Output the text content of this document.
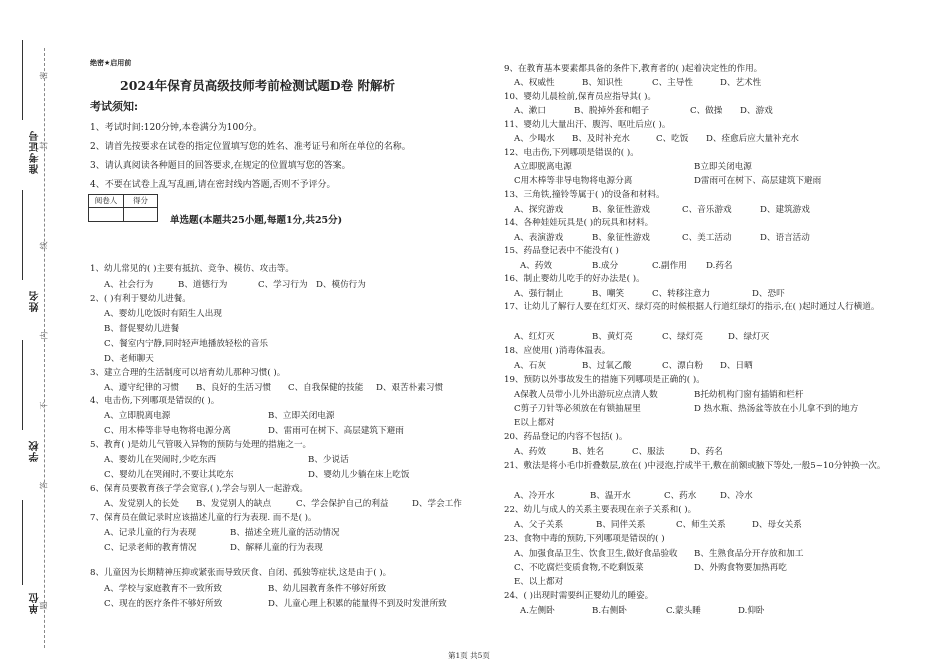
准考证号
姓名
学校
单位
密
封
线
内
不
答
题
绝密★启用前
2024年保育员高级技师考前检测试题D卷 附解析
考试须知:
1、考试时间:120分钟,本卷满分为100分。
2、请首先按要求在试卷的指定位置填写您的姓名、准考证号和所在单位的名称。
3、请认真阅读各种题目的回答要求,在规定的位置填写您的答案。
4、不要在试卷上乱写乱画,请在密封线内答题,否则不予评分。
阅卷人	得分
单选题(本题共25小题,每题1分,共25分)
1、幼儿常见的( )主要有抵抗、竞争、模仿、攻击等。
A、社会行为	B、道德行为	C、学习行为 D、模仿行为
2、( )有利于婴幼儿进餐。
A、婴幼儿吃饭时有陌生人出现
B、督促婴幼儿进餐
C、餐室内宁静,同时轻声地播放轻松的音乐
D、老师聊天
3、建立合理的生活制度可以培育幼儿那种习惯( )。
A、遵守纪律的习惯 B、良好的生活习惯 C、自我保健的技能 D、艰苦朴素习惯
4、电击伤,下列哪项是错误的( )。
A、立即脱离电源	B、立即关闭电源
C、用木棒等非导电物将电源分离	D、雷雨可在树下、高层建筑下避雨
5、教育( )是幼儿气管吸入异物的预防与处理的措施之一。
A、婴幼儿在哭闹时,少吃东西	B、少说话
C、婴幼儿在哭闹时,不要让其吃东	D、婴幼儿少躺在床上吃饭
6、保育员要教育孩子学会宽容,( ),学会与别人一起游戏。
A、发觉别人的长处 B、发觉别人的缺点	C、学会保护自己的利益	D、学会工作
7、保育员在做记录时应该描述儿童的行为表现. 而不是( )。
A、记录儿童的行为表现	B、描述全班儿童的活动情况
C、记录老师的教育情况	D、解释儿童的行为表现
8、儿童因为长期精神压抑或紧张而导致厌食、自闭、孤独等症状,这是由于( )。
A、学校与家庭教育不一致所致	B、幼儿园教育条件不够好所致
C、现在的医疗条件不够好所致	D、儿童心理上积累的能量得不到及时发泄所致
9、在教育基本要素都具备的条件下,教育者的( )起着决定性的作用。
A、权威性	B、知识性	C、主导性	D、艺术性
10、婴幼儿晨检前,保育员应指导其( )。
A、漱口	B、脱掉外套和帽子	C、做操 D、游戏
11、婴幼儿大量出汗、腹泻、呕吐后应( )。
A、少喝水 B、及时补充水	C、吃饭 D、痊愈后应大量补充水
12、电击伤,下列哪项是错误的( )。
A立即脱离电源	B立即关闭电源
C用木棒等非导电物将电源分离	D雷雨可在树下、高层建筑下避雨
13、三角铁,撞铃等属于( )的设备和材料。
A、探究游戏	B、象征性游戏	C、音乐游戏	D、建筑游戏
14、各种娃娃玩具是( )的玩具和材料。
A、表演游戏	B、象征性游戏	C、美工活动	D、语言活动
15、药品登记表中不能没有( )
A、药效	B.成分	C.副作用 D.药名
16、制止婴幼儿吃手的好办法是( )。
A、强行制止	B、嘲笑	C、转移注意力	D、恐吓
17、让幼儿了解行人要在红灯灭、绿灯亮的时候根据人行道红绿灯的指示,在( )起时通过人行横道。
A、红灯灭	B、黄灯亮	C、绿灯亮	D、绿灯灭
18、应使用( )消毒体温表。
A、石灰	B、过氧乙酸	C、漂白粉 D、日晒
19、预防以外事故发生的措施下列哪项是正确的( )。
A保教人员带小儿外出游玩应点清人数	B托幼机构门窗有插销和栏杆
C剪子刀针等必须放在有锁抽屉里	D 热水瓶、热汤盆等放在小儿拿不到的地方
E以上都对
20、药品登记的内容不包括( )。
A、药效	B、姓名	C、服法	D、药名
21、敷法是将小毛巾折叠数层,放在( )中浸泡,拧成半干,敷在前额或腋下等处,一般5~10分钟换一次。
A、冷开水	B、温开水	C、药水	D、冷水
22、幼儿与成人的关系主要表现在亲子关系和( )。
A、父子关系	B、同伴关系	C、师生关系	D、母女关系
23、食物中毒的预防,下列哪项是错误的( )
A、加强食品卫生、饮食卫生,做好食品验收 B、生熟食品分开存放和加工
C、不吃腐烂变质食物,不吃剩饭菜	D、外购食物要加热再吃
E、以上都对
24、( )出现时需要纠正婴幼儿的睡姿。
A.左侧卧	B.右侧卧	C.蒙头睡	D.仰卧
第1页 共5页
